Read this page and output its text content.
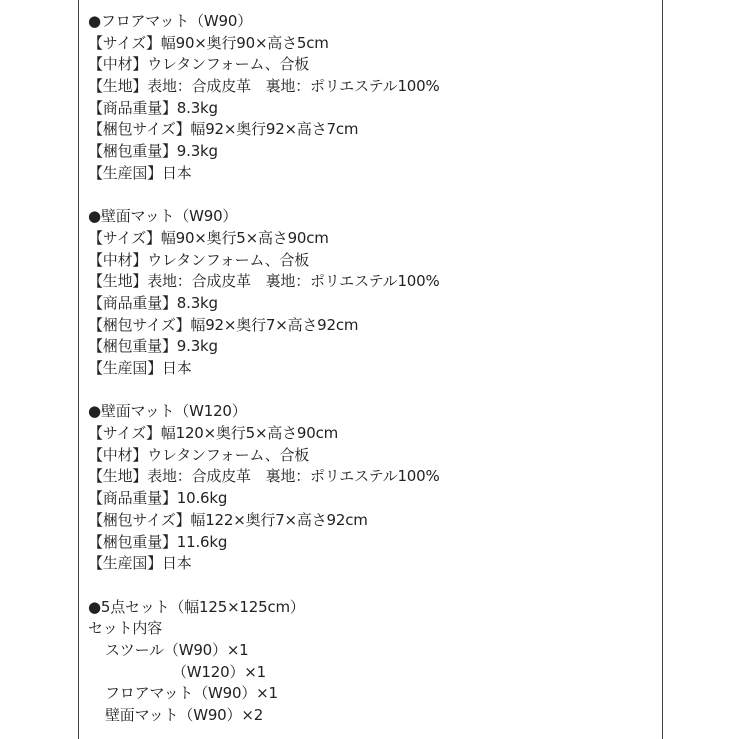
●フロアマット（W90）
【サイズ】幅90×奥行90×高さ5cm
【中材】ウレタンフォーム、合板
【生地】表地：合成皮革　裏地：ポリエステル100%
【商品重量】8.3kg
【梱包サイズ】幅92×奥行92×高さ7cm
【梱包重量】9.3kg
【生産国】日本
●壁面マット（W90）
【サイズ】幅90×奥行5×高さ90cm
【中材】ウレタンフォーム、合板
【生地】表地：合成皮革　裏地：ポリエステル100%
【商品重量】8.3kg
【梱包サイズ】幅92×奥行7×高さ92cm
【梱包重量】9.3kg
【生産国】日本
●壁面マット（W120）
【サイズ】幅120×奥行5×高さ90cm
【中材】ウレタンフォーム、合板
【生地】表地：合成皮革　裏地：ポリエステル100%
【商品重量】10.6kg
【梱包サイズ】幅122×奥行7×高さ92cm
【梱包重量】11.6kg
【生産国】日本
●5点セット（幅125×125cm）
セット内容
スツール（W90）×1
（W120）×1
フロアマット（W90）×1
壁面マット（W90）×2
